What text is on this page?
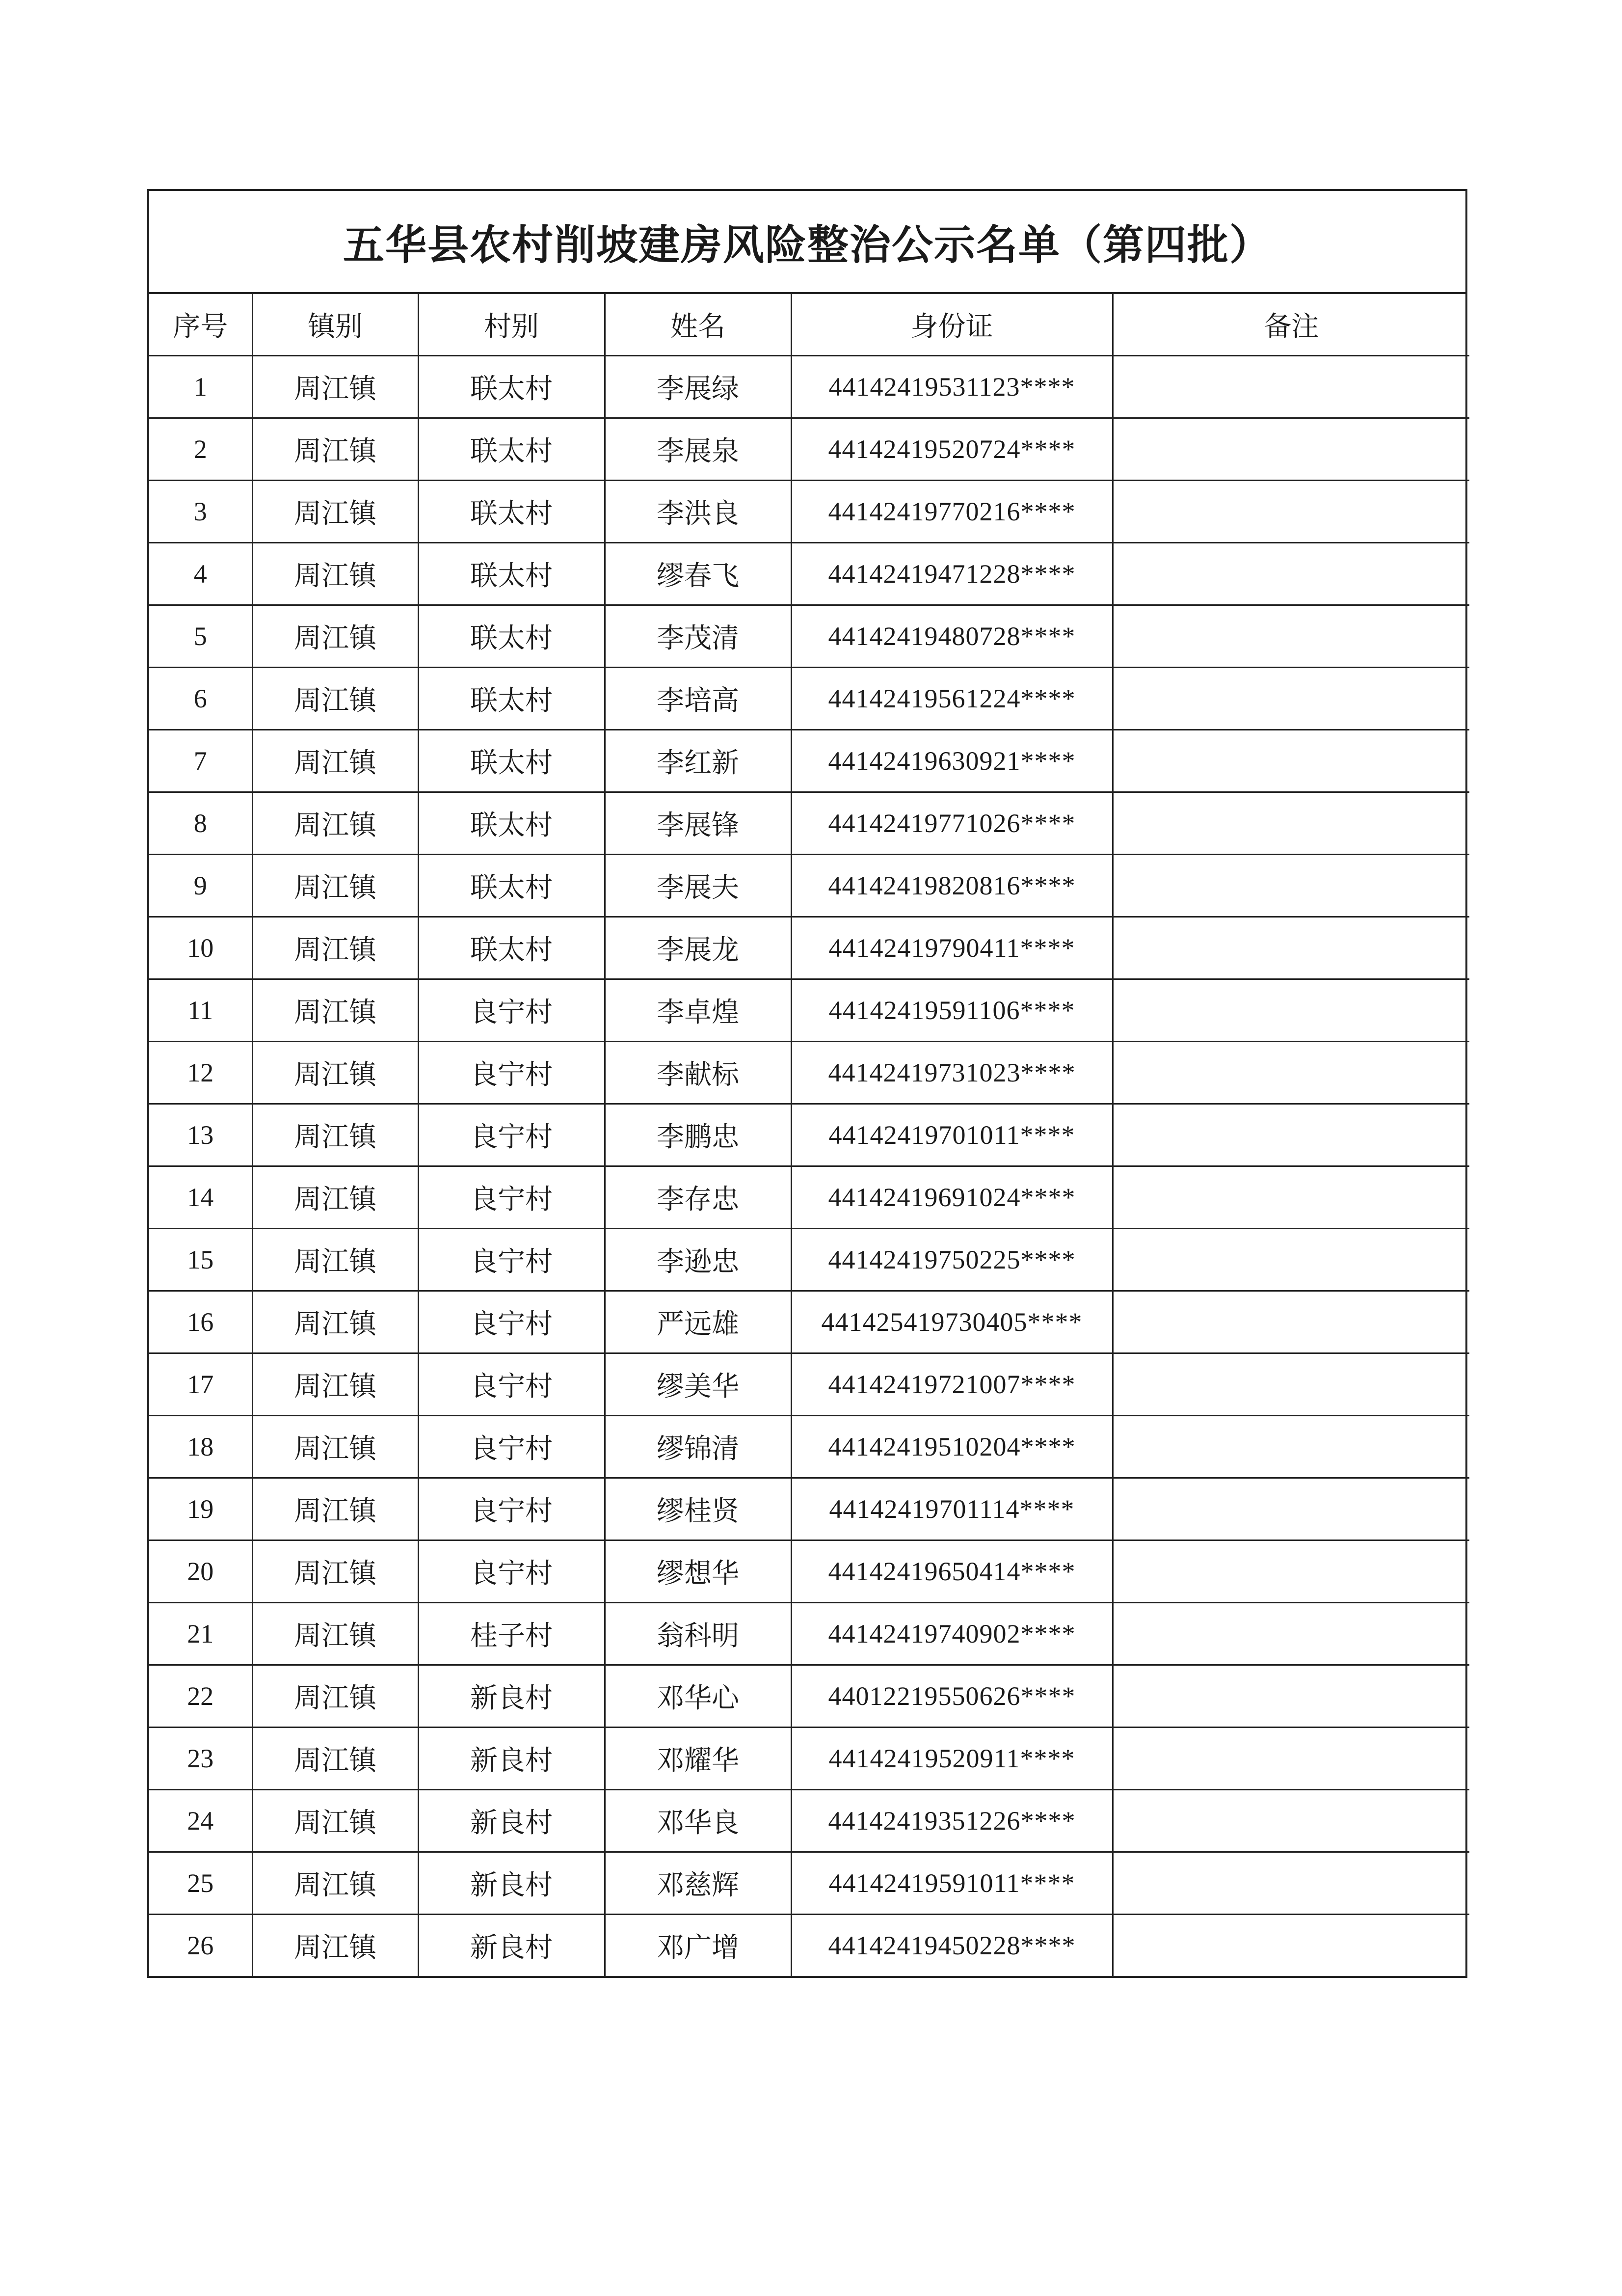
五华县农村削坡建房风险整治公示名单（第四批）
序号	镇别	村别	姓名	身份证	备注
1	周江镇	联太村	李展绿	44142419531123****	
2	周江镇	联太村	李展泉	44142419520724****	
3	周江镇	联太村	李洪良	44142419770216****	
4	周江镇	联太村	缪春飞	44142419471228****	
5	周江镇	联太村	李茂清	44142419480728****	
6	周江镇	联太村	李培高	44142419561224****	
7	周江镇	联太村	李红新	44142419630921****	
8	周江镇	联太村	李展锋	44142419771026****	
9	周江镇	联太村	李展夫	44142419820816****	
10	周江镇	联太村	李展龙	44142419790411****	
11	周江镇	良宁村	李卓煌	44142419591106****	
12	周江镇	良宁村	李献标	44142419731023****	
13	周江镇	良宁村	李鹏忠	44142419701011****	
14	周江镇	良宁村	李存忠	44142419691024****	
15	周江镇	良宁村	李逊忠	44142419750225****	
16	周江镇	良宁村	严远雄	441425419730405****	
17	周江镇	良宁村	缪美华	44142419721007****	
18	周江镇	良宁村	缪锦清	44142419510204****	
19	周江镇	良宁村	缪桂贤	44142419701114****	
20	周江镇	良宁村	缪想华	44142419650414****	
21	周江镇	桂子村	翁科明	44142419740902****	
22	周江镇	新良村	邓华心	44012219550626****	
23	周江镇	新良村	邓耀华	44142419520911****	
24	周江镇	新良村	邓华良	44142419351226****	
25	周江镇	新良村	邓慈辉	44142419591011****	
26	周江镇	新良村	邓广增	44142419450228****	
